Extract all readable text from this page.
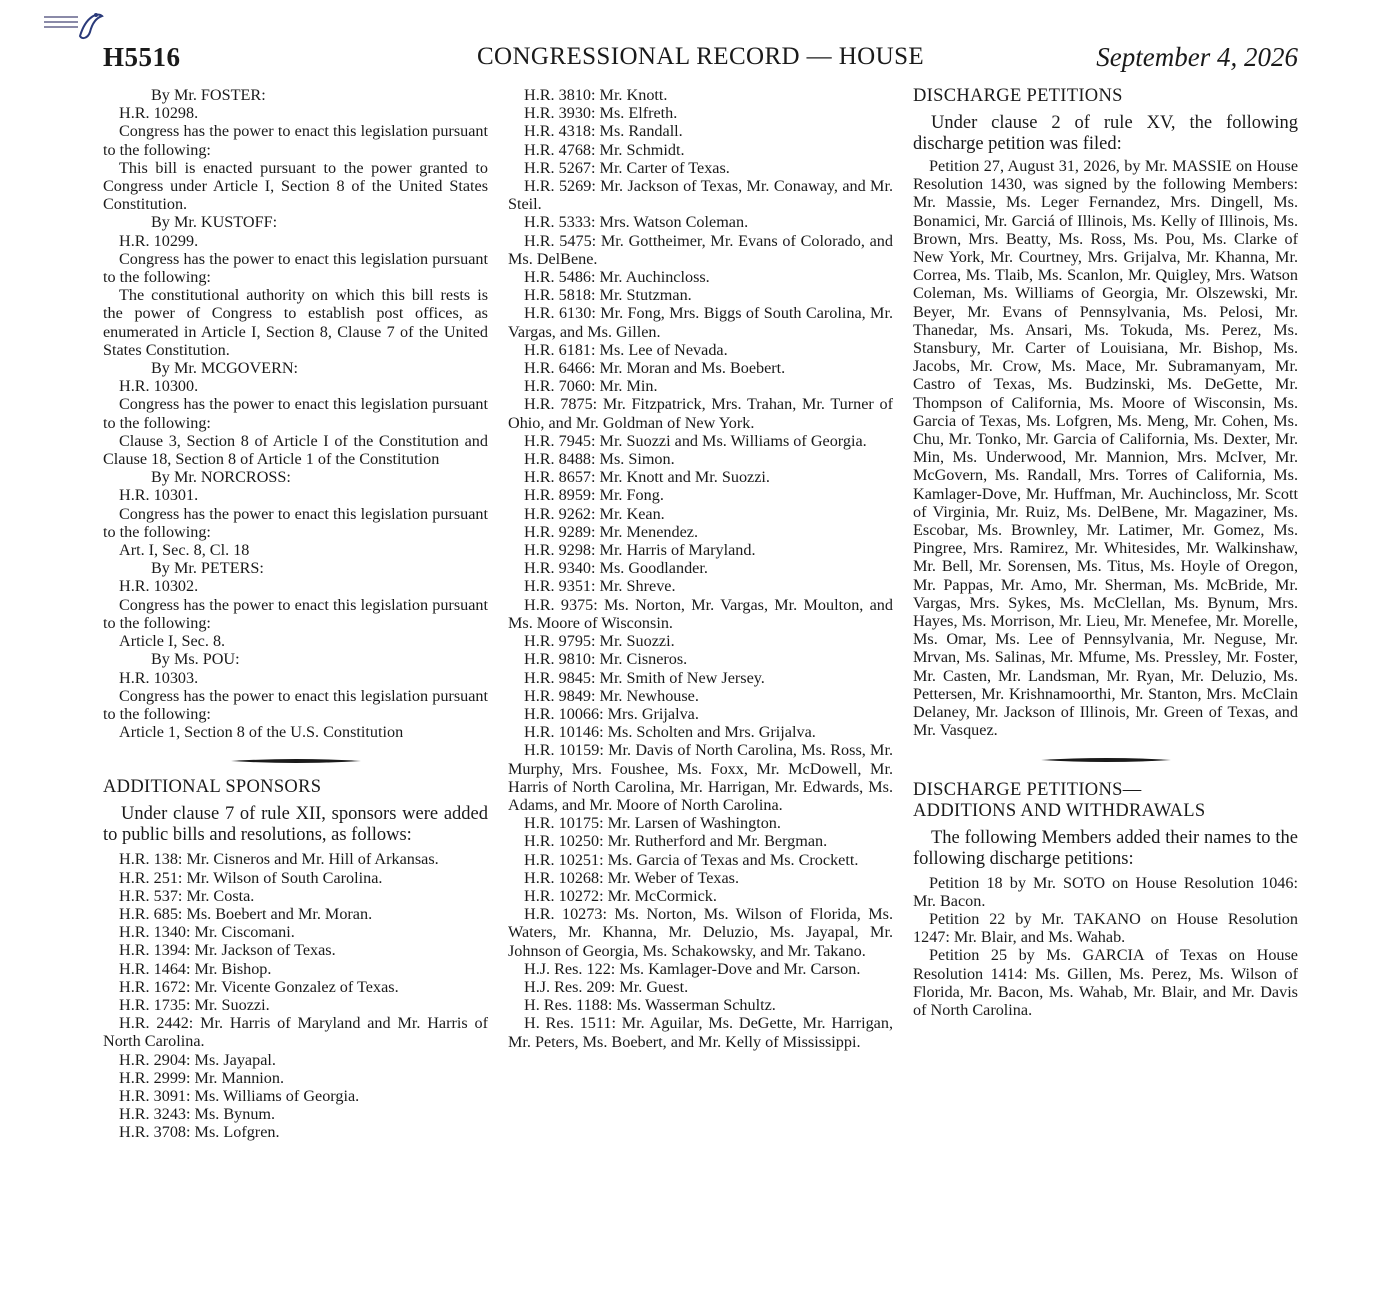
H5516	CONGRESSIONAL RECORD — HOUSE	September 4, 2026

By Mr. FOSTER:

H.R. 10298.

Congress has the power to enact this legislation pursuant to the following:

This bill is enacted pursuant to the power granted to Congress under Article I, Section 8 of the United States Constitution.

By Mr. KUSTOFF:

H.R. 10299.

Congress has the power to enact this legislation pursuant to the following:

The constitutional authority on which this bill rests is the power of Congress to establish post offices, as enumerated in Article I, Section 8, Clause 7 of the United States Constitution.

By Mr. MCGOVERN:

H.R. 10300.

Congress has the power to enact this legislation pursuant to the following:

Clause 3, Section 8 of Article I of the Constitution and Clause 18, Section 8 of Article 1 of the Constitution

By Mr. NORCROSS:

H.R. 10301.

Congress has the power to enact this legislation pursuant to the following:

Art. I, Sec. 8, Cl. 18

By Mr. PETERS:

H.R. 10302.

Congress has the power to enact this legislation pursuant to the following:

Article I, Sec. 8.

By Ms. POU:

H.R. 10303.

Congress has the power to enact this legislation pursuant to the following:

Article 1, Section 8 of the U.S. Constitution

ADDITIONAL SPONSORS

Under clause 7 of rule XII, sponsors were added to public bills and resolutions, as follows:

H.R. 138: Mr. Cisneros and Mr. Hill of Arkansas.

H.R. 251: Mr. Wilson of South Carolina.

H.R. 537: Mr. Costa.

H.R. 685: Ms. Boebert and Mr. Moran.

H.R. 1340: Mr. Ciscomani.

H.R. 1394: Mr. Jackson of Texas.

H.R. 1464: Mr. Bishop.

H.R. 1672: Mr. Vicente Gonzalez of Texas.

H.R. 1735: Mr. Suozzi.

H.R. 2442: Mr. Harris of Maryland and Mr. Harris of North Carolina.

H.R. 2904: Ms. Jayapal.

H.R. 2999: Mr. Mannion.

H.R. 3091: Ms. Williams of Georgia.

H.R. 3243: Ms. Bynum.

H.R. 3708: Ms. Lofgren.

H.R. 3810: Mr. Knott.

H.R. 3930: Ms. Elfreth.

H.R. 4318: Ms. Randall.

H.R. 4768: Mr. Schmidt.

H.R. 5267: Mr. Carter of Texas.

H.R. 5269: Mr. Jackson of Texas, Mr. Conaway, and Mr. Steil.

H.R. 5333: Mrs. Watson Coleman.

H.R. 5475: Mr. Gottheimer, Mr. Evans of Colorado, and Ms. DelBene.

H.R. 5486: Mr. Auchincloss.

H.R. 5818: Mr. Stutzman.

H.R. 6130: Mr. Fong, Mrs. Biggs of South Carolina, Mr. Vargas, and Ms. Gillen.

H.R. 6181: Ms. Lee of Nevada.

H.R. 6466: Mr. Moran and Ms. Boebert.

H.R. 7060: Mr. Min.

H.R. 7875: Mr. Fitzpatrick, Mrs. Trahan, Mr. Turner of Ohio, and Mr. Goldman of New York.

H.R. 7945: Mr. Suozzi and Ms. Williams of Georgia.

H.R. 8488: Ms. Simon.

H.R. 8657: Mr. Knott and Mr. Suozzi.

H.R. 8959: Mr. Fong.

H.R. 9262: Mr. Kean.

H.R. 9289: Mr. Menendez.

H.R. 9298: Mr. Harris of Maryland.

H.R. 9340: Ms. Goodlander.

H.R. 9351: Mr. Shreve.

H.R. 9375: Ms. Norton, Mr. Vargas, Mr. Moulton, and Ms. Moore of Wisconsin.

H.R. 9795: Mr. Suozzi.

H.R. 9810: Mr. Cisneros.

H.R. 9845: Mr. Smith of New Jersey.

H.R. 9849: Mr. Newhouse.

H.R. 10066: Mrs. Grijalva.

H.R. 10146: Ms. Scholten and Mrs. Grijalva.

H.R. 10159: Mr. Davis of North Carolina, Ms. Ross, Mr. Murphy, Mrs. Foushee, Ms. Foxx, Mr. McDowell, Mr. Harris of North Carolina, Mr. Harrigan, Mr. Edwards, Ms. Adams, and Mr. Moore of North Carolina.

H.R. 10175: Mr. Larsen of Washington.

H.R. 10250: Mr. Rutherford and Mr. Bergman.

H.R. 10251: Ms. Garcia of Texas and Ms. Crockett.

H.R. 10268: Mr. Weber of Texas.

H.R. 10272: Mr. McCormick.

H.R. 10273: Ms. Norton, Ms. Wilson of Florida, Ms. Waters, Mr. Khanna, Mr. Deluzio, Ms. Jayapal, Mr. Johnson of Georgia, Ms. Schakowsky, and Mr. Takano.

H.J. Res. 122: Ms. Kamlager-Dove and Mr. Carson.

H.J. Res. 209: Mr. Guest.

H. Res. 1188: Ms. Wasserman Schultz.

H. Res. 1511: Mr. Aguilar, Ms. DeGette, Mr. Harrigan, Mr. Peters, Ms. Boebert, and Mr. Kelly of Mississippi.

DISCHARGE PETITIONS

Under clause 2 of rule XV, the following discharge petition was filed:

Petition 27, August 31, 2026, by Mr. MASSIE on House Resolution 1430, was signed by the following Members: Mr. Massie, Ms. Leger Fernandez, Mrs. Dingell, Ms. Bonamici, Mr. Garciá of Illinois, Ms. Kelly of Illinois, Ms. Brown, Mrs. Beatty, Ms. Ross, Ms. Pou, Ms. Clarke of New York, Mr. Courtney, Mrs. Grijalva, Mr. Khanna, Mr. Correa, Ms. Tlaib, Ms. Scanlon, Mr. Quigley, Mrs. Watson Coleman, Ms. Williams of Georgia, Mr. Olszewski, Mr. Beyer, Mr. Evans of Pennsylvania, Ms. Pelosi, Mr. Thanedar, Ms. Ansari, Ms. Tokuda, Ms. Perez, Ms. Stansbury, Mr. Carter of Louisiana, Mr. Bishop, Ms. Jacobs, Mr. Crow, Ms. Mace, Mr. Subramanyam, Mr. Castro of Texas, Ms. Budzinski, Ms. DeGette, Mr. Thompson of California, Ms. Moore of Wisconsin, Ms. Garcia of Texas, Ms. Lofgren, Ms. Meng, Mr. Cohen, Ms. Chu, Mr. Tonko, Mr. Garcia of California, Ms. Dexter, Mr. Min, Ms. Underwood, Mr. Mannion, Mrs. McIver, Mr. McGovern, Ms. Randall, Mrs. Torres of California, Ms. Kamlager-Dove, Mr. Huffman, Mr. Auchincloss, Mr. Scott of Virginia, Mr. Ruiz, Ms. DelBene, Mr. Magaziner, Ms. Escobar, Ms. Brownley, Mr. Latimer, Mr. Gomez, Ms. Pingree, Mrs. Ramirez, Mr. Whitesides, Mr. Walkinshaw, Mr. Bell, Mr. Sorensen, Ms. Titus, Ms. Hoyle of Oregon, Mr. Pappas, Mr. Amo, Mr. Sherman, Ms. McBride, Mr. Vargas, Mrs. Sykes, Ms. McClellan, Ms. Bynum, Mrs. Hayes, Ms. Morrison, Mr. Lieu, Mr. Menefee, Mr. Morelle, Ms. Omar, Ms. Lee of Pennsylvania, Mr. Neguse, Mr. Mrvan, Ms. Salinas, Mr. Mfume, Ms. Pressley, Mr. Foster, Mr. Casten, Mr. Landsman, Mr. Ryan, Mr. Deluzio, Ms. Pettersen, Mr. Krishnamoorthi, Mr. Stanton, Mrs. McClain Delaney, Mr. Jackson of Illinois, Mr. Green of Texas, and Mr. Vasquez.

DISCHARGE PETITIONS—

ADDITIONS AND WITHDRAWALS

The following Members added their names to the following discharge petitions:

Petition 18 by Mr. SOTO on House Resolution 1046: Mr. Bacon.

Petition 22 by Mr. TAKANO on House Resolution 1247: Mr. Blair, and Ms. Wahab.

Petition 25 by Ms. GARCIA of Texas on House Resolution 1414: Ms. Gillen, Ms. Perez, Ms. Wilson of Florida, Mr. Bacon, Ms. Wahab, Mr. Blair, and Mr. Davis of North Carolina.
